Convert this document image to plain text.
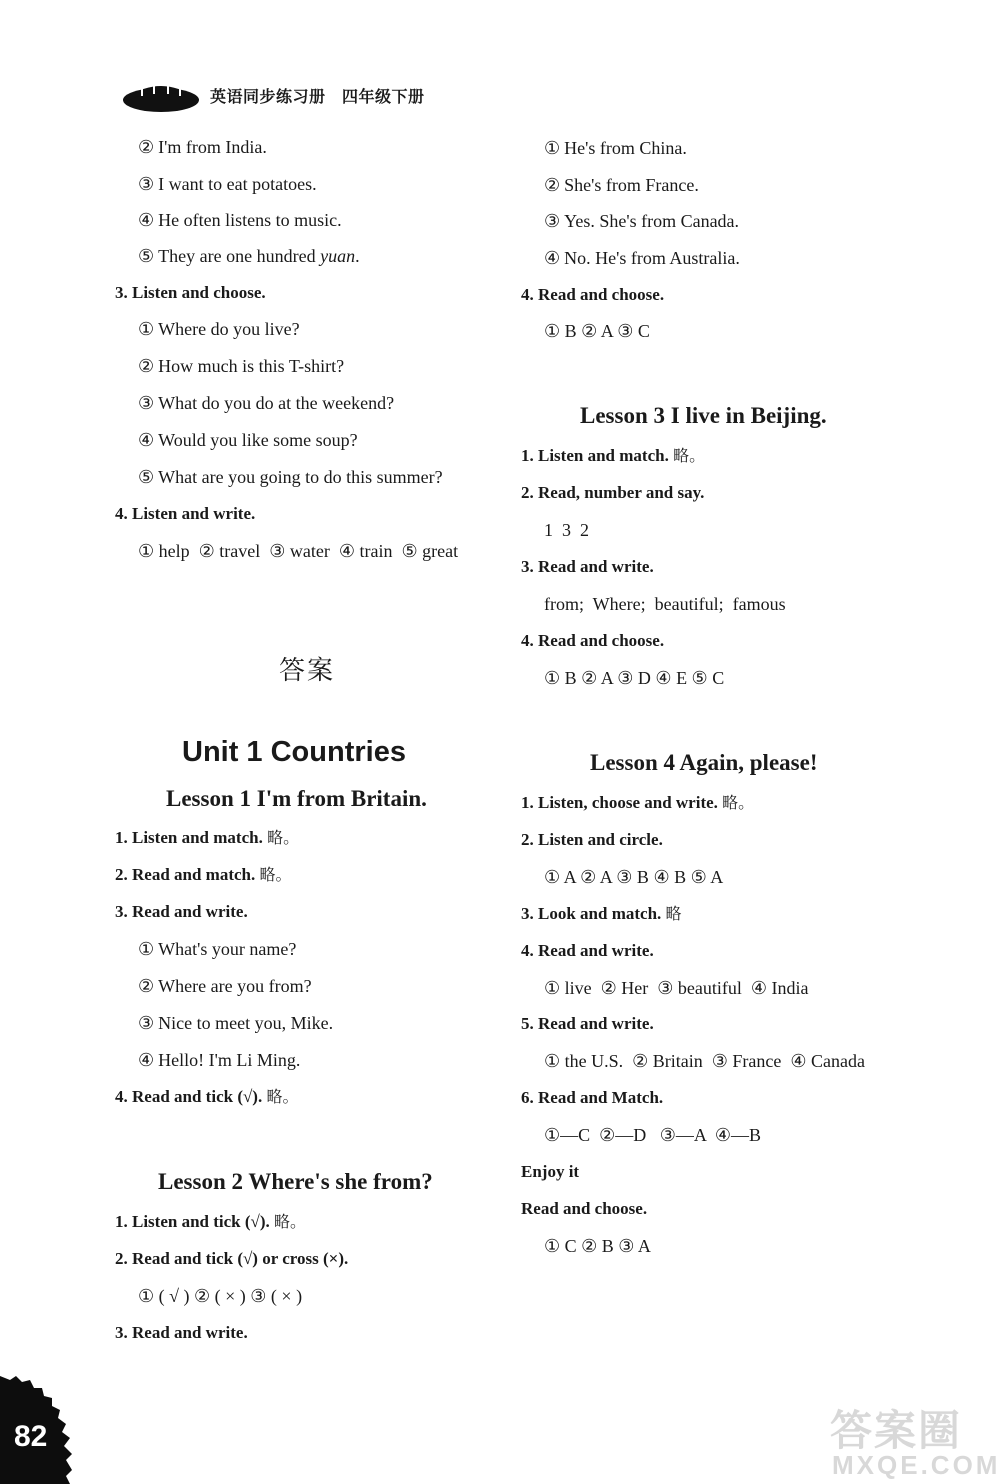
英语同步练习册　四年级下册
② I'm from India.
③ I want to eat potatoes.
④ He often listens to music.
⑤ They are one hundred yuan.
3. Listen and choose.
① Where do you live?
② How much is this T-shirt?
③ What do you do at the weekend?
④ Would you like some soup?
⑤ What are you going to do this summer?
4. Listen and write.
① help  ② travel  ③ water  ④ train  ⑤ great
答案
Unit 1 Countries
Lesson 1 I'm from Britain.
1. Listen and match. 略。
2. Read and match. 略。
3. Read and write.
① What's your name?
② Where are you from?
③ Nice to meet you, Mike.
④ Hello! I'm Li Ming.
4. Read and tick (√). 略。
Lesson 2 Where's she from?
1. Listen and tick (√). 略。
2. Read and tick (√) or cross (×).
① ( √ ) ② ( × ) ③ ( × )
3. Read and write.
① He's from China.
② She's from France.
③ Yes. She's from Canada.
④ No. He's from Australia.
4. Read and choose.
① B ② A ③ C
Lesson 3 I live in Beijing.
1. Listen and match. 略。
2. Read, number and say.
1  3  2
3. Read and write.
from;  Where;  beautiful;  famous
4. Read and choose.
① B ② A ③ D ④ E ⑤ C
Lesson 4 Again, please!
1. Listen, choose and write. 略。
2. Listen and circle.
① A ② A ③ B ④ B ⑤ A
3. Look and match. 略
4. Read and write.
① live  ② Her  ③ beautiful  ④ India
5. Read and write.
① the U.S.  ② Britain  ③ France  ④ Canada
6. Read and Match.
①—C  ②—D   ③—A  ④—B
Enjoy it
Read and choose.
① C ② B ③ A
82	答案圈
MXQE.COM
